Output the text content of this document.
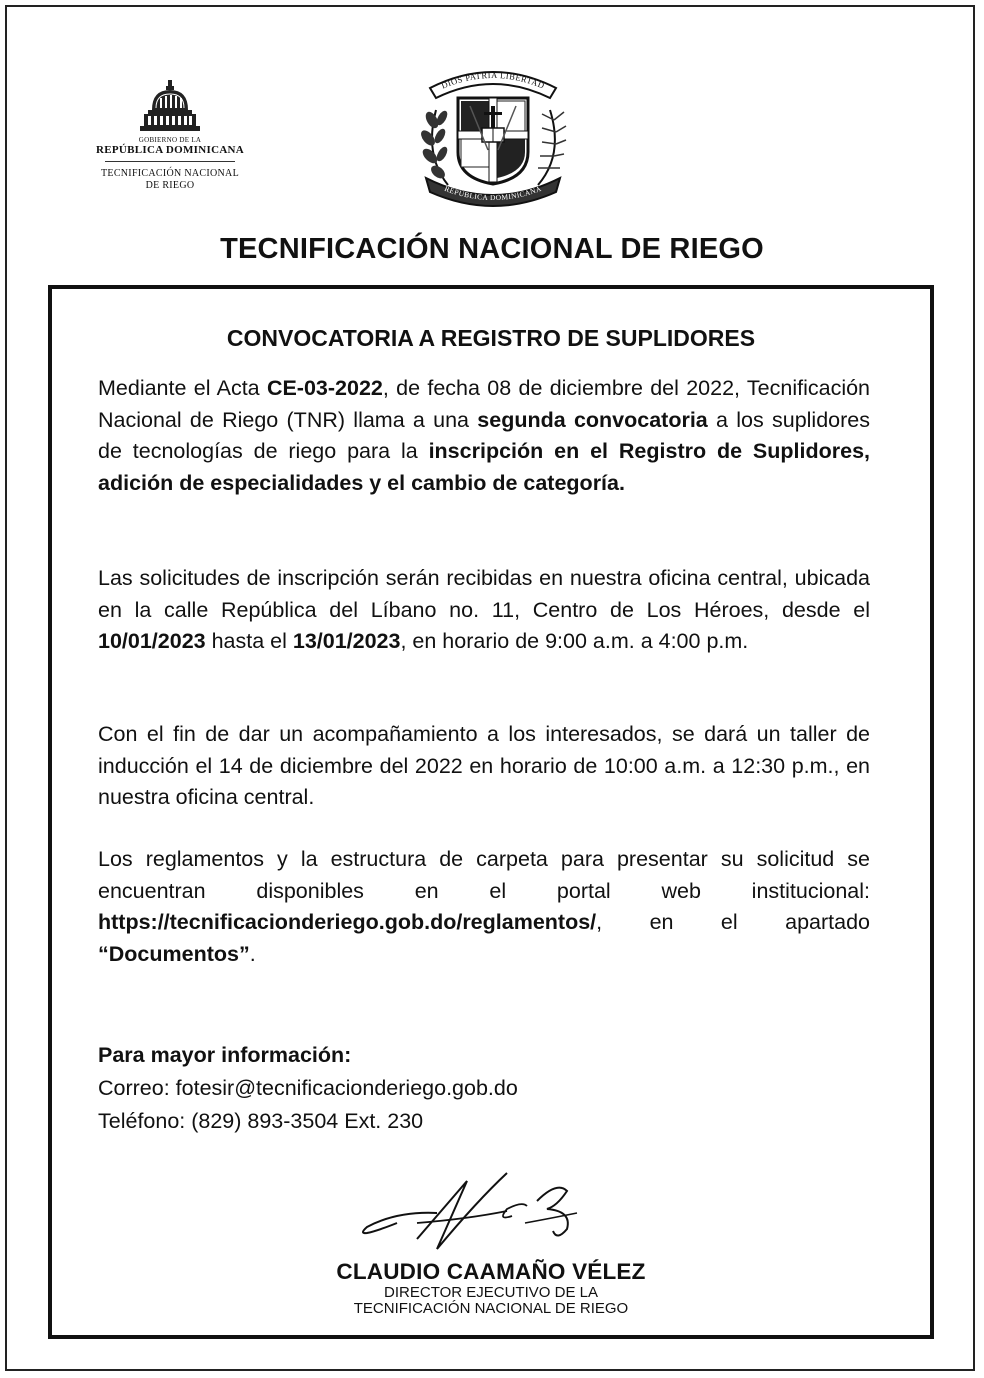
GOBIERNO DE LA
REPÚBLICA DOMINICANA
TECNIFICACIÓN NACIONAL
DE RIEGO
DIOS PATRIA LIBERTAD
REPÚBLICA DOMINICANA
TECNIFICACIÓN NACIONAL DE RIEGO
CONVOCATORIA A REGISTRO DE SUPLIDORES
Mediante el Acta CE-03-2022, de fecha 08 de diciembre del 2022, Tecnificación Nacional de Riego (TNR) llama a una segunda convocatoria a los suplidores de tecnologías de riego para la inscripción en el Registro de Suplidores, adición de especialidades y el cambio de categoría.
Las solicitudes de inscripción serán recibidas en nuestra oficina central, ubicada en la calle República del Líbano no. 11, Centro de Los Héroes, desde el 10/01/2023 hasta el 13/01/2023, en horario de 9:00 a.m. a 4:00 p.m.
Con el fin de dar un acompañamiento a los interesados, se dará un taller de inducción el 14 de diciembre del 2022 en horario de 10:00 a.m. a 12:30 p.m., en nuestra oficina central.
Los reglamentos y la estructura de carpeta para presentar su solicitud se encuentran disponibles en el portal web institucional: https://tecnificacionderiego.gob.do/reglamentos/, en el apartado “Documentos”.
Para mayor información:
Correo: fotesir@tecnificacionderiego.gob.do
Teléfono: (829) 893-3504 Ext. 230
CLAUDIO CAAMAÑO VÉLEZ
DIRECTOR EJECUTIVO DE LA
TECNIFICACIÓN NACIONAL DE RIEGO
